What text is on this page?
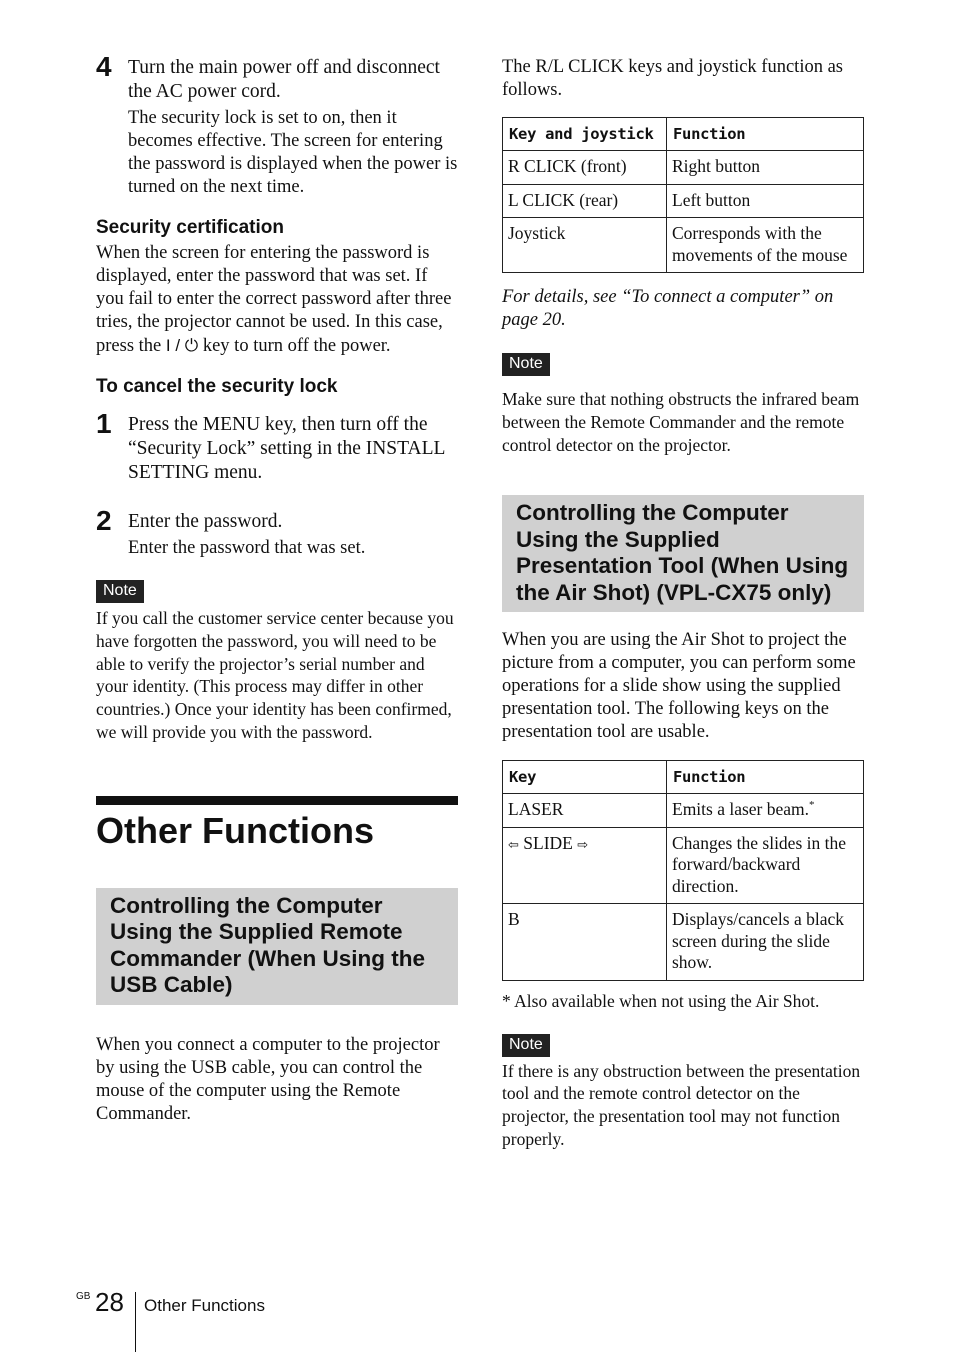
4 Turn the main power off and disconnect the AC power cord.
The security lock is set to on, then it becomes effective. The screen for entering the password is displayed when the power is turned on the next time.
Security certification
When the screen for entering the password is displayed, enter the password that was set. If you fail to enter the correct password after three tries, the projector cannot be used. In this case, press the I / ⏻ key to turn off the power.
To cancel the security lock
1 Press the MENU key, then turn off the “Security Lock” setting in the INSTALL SETTING menu.
2 Enter the password.
Enter the password that was set.
Note
If you call the customer service center because you have forgotten the password, you will need to be able to verify the projector’s serial number and your identity. (This process may differ in other countries.) Once your identity has been confirmed, we will provide you with the password.
Other Functions
Controlling the Computer Using the Supplied Remote Commander (When Using the USB Cable)
When you connect a computer to the projector by using the USB cable, you can control the mouse of the computer using the Remote Commander.
The R/L CLICK keys and joystick function as follows.
Key and joystick	Function
R CLICK (front)	Right button
L CLICK (rear)	Left button
Joystick	Corresponds with the movements of the mouse
For details, see “To connect a computer” on page 20.
Note
Make sure that nothing obstructs the infrared beam between the Remote Commander and the remote control detector on the projector.
Controlling the Computer Using the Supplied Presentation Tool (When Using the Air Shot) (VPL-CX75 only)
When you are using the Air Shot to project the picture from a computer, you can perform some operations for a slide show using the supplied presentation tool. The following keys on the presentation tool are usable.
Key	Function
LASER	Emits a laser beam.*
⇦ SLIDE ⇨	Changes the slides in the forward/backward direction.
B	Displays/cancels a black screen during the slide show.
* Also available when not using the Air Shot.
Note
If there is any obstruction between the presentation tool and the remote control detector on the projector, the presentation tool may not function properly.
GB 28 Other Functions
